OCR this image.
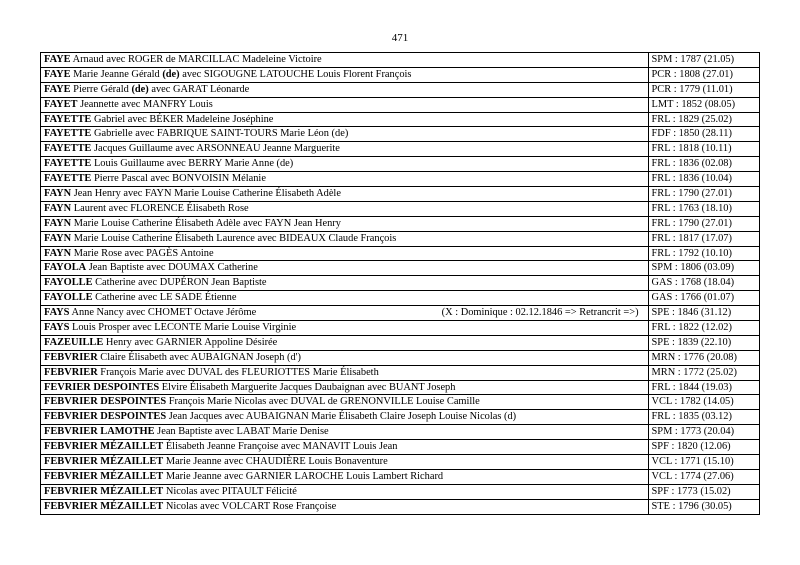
471
FAYE Arnaud avec ROGER de MARCILLAC Madeleine Victoire	SPM : 1787 (21.05)
FAYE Marie Jeanne Gérald (de) avec SIGOUGNE LATOUCHE Louis Florent François	PCR : 1808 (27.01)
FAYE Pierre Gérald (de) avec GARAT Léonarde	PCR : 1779 (11.01)
FAYET Jeannette avec MANFRY Louis	LMT : 1852 (08.05)
FAYETTE Gabriel avec BÉKER Madeleine Joséphine	FRL : 1829 (25.02)
FAYETTE Gabrielle avec FABRIQUE SAINT-TOURS Marie Léon (de)	FDF : 1850 (28.11)
FAYETTE Jacques Guillaume avec ARSONNEAU Jeanne Marguerite	FRL : 1818 (10.11)
FAYETTE Louis Guillaume avec BERRY Marie Anne (de)	FRL : 1836 (02.08)
FAYETTE Pierre Pascal avec BONVOISIN Mélanie	FRL : 1836 (10.04)
FAYN Jean Henry avec FAYN Marie Louise Catherine Élisabeth Adèle	FRL : 1790 (27.01)
FAYN Laurent avec FLORENCE Élisabeth Rose	FRL : 1763 (18.10)
FAYN Marie Louise Catherine Élisabeth Adèle avec FAYN Jean Henry	FRL : 1790 (27.01)
FAYN Marie Louise Catherine Élisabeth Laurence avec BIDEAUX Claude François	FRL : 1817 (17.07)
FAYN Marie Rose avec PAGÈS Antoine	FRL : 1792 (10.10)
FAYOLA Jean Baptiste avec DOUMAX Catherine	SPM : 1806 (03.09)
FAYOLLE Catherine avec DUPÉRON Jean Baptiste	GAS : 1768 (18.04)
FAYOLLE Catherine avec LE SADE Étienne	GAS : 1766 (01.07)

(X : Dominique : 02.12.1846 => Retrancrit =>)
FAYS Anne Nancy avec CHOMET Octave Jérôme	SPE : 1846 (31.12)
FAYS Louis Prosper avec LECONTE Marie Louise Virginie	FRL : 1822 (12.02)
FAZEUILLE Henry avec GARNIER Appoline Désirée	SPE : 1839 (22.10)
FEBVRIER Claire Élisabeth avec AUBAIGNAN Joseph (d')	MRN : 1776 (20.08)
FEBVRIER François Marie avec DUVAL des FLEURIOTTES Marie Élisabeth	MRN : 1772 (25.02)
FEVRIER DESPOINTES Elvire Élisabeth Marguerite Jacques Daubaignan avec BUANT Joseph	FRL : 1844 (19.03)
FEBVRIER DESPOINTES François Marie Nicolas avec DUVAL de GRENONVILLE Louise Camille	VCL : 1782 (14.05)
FEBVRIER DESPOINTES Jean Jacques avec AUBAIGNAN Marie Élisabeth Claire Joseph Louise Nicolas (d)	FRL : 1835 (03.12)
FEBVRIER LAMOTHE Jean Baptiste avec LABAT Marie Denise	SPM : 1773 (20.04)
FEBVRIER MÉZAILLET Élisabeth Jeanne Françoise avec MANAVIT Louis Jean	SPF : 1820 (12.06)
FEBVRIER MÉZAILLET Marie Jeanne avec CHAUDIÈRE Louis Bonaventure	VCL : 1771 (15.10)
FEBVRIER MÉZAILLET Marie Jeanne avec GARNIER LAROCHE Louis Lambert Richard	VCL : 1774 (27.06)
FEBVRIER MÉZAILLET Nicolas avec PITAULT Félicité	SPF : 1773 (15.02)
FEBVRIER MÉZAILLET Nicolas avec VOLCART Rose Françoise	STE : 1796 (30.05)
